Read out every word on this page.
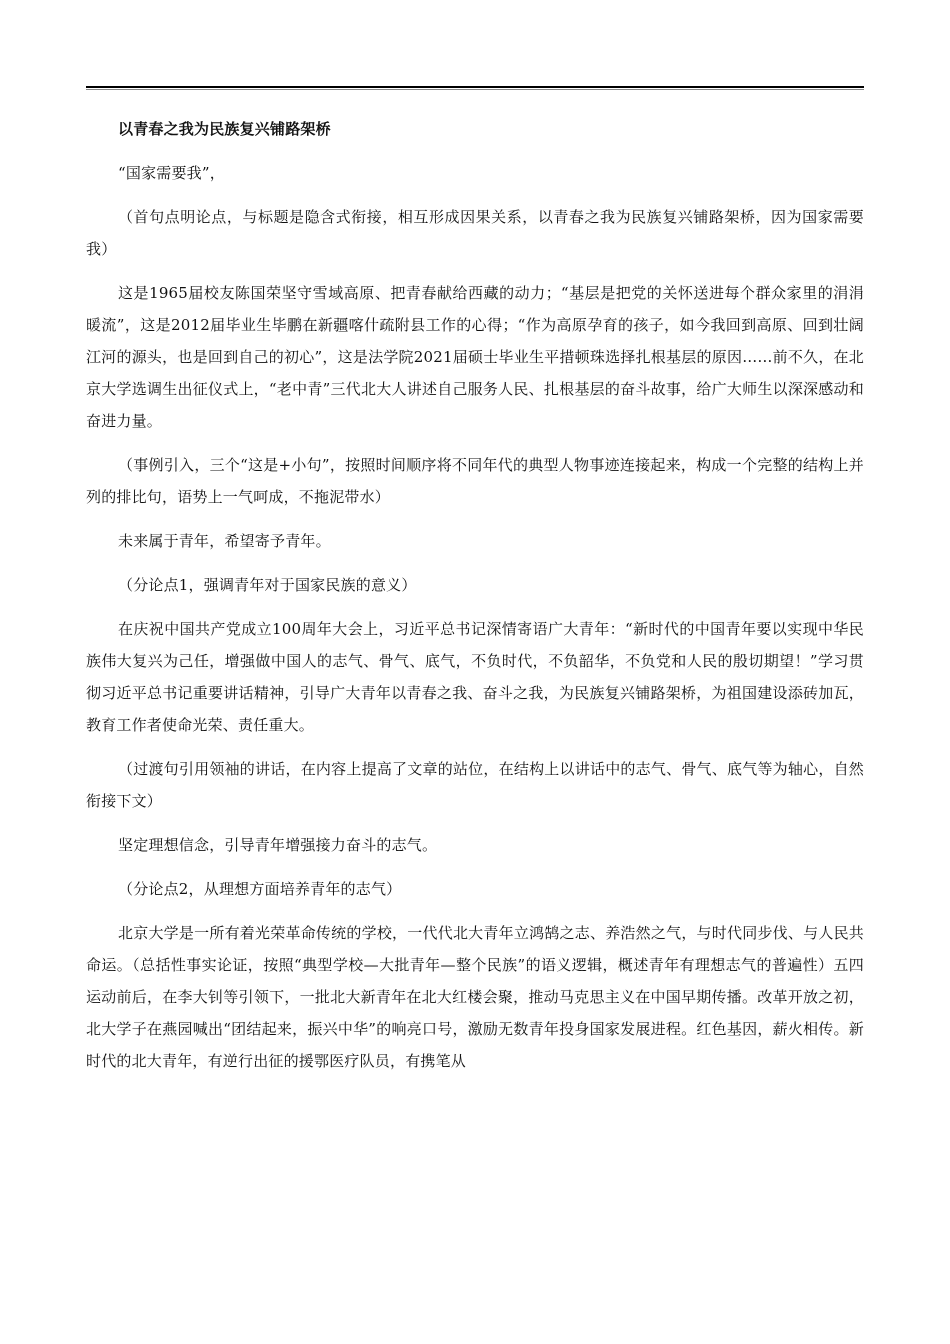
以青春之我为民族复兴铺路架桥

“国家需要我”，

（首句点明论点，与标题是隐含式衔接，相互形成因果关系，以青春之我为民族复兴铺路架桥，因为国家需要我）

这是1965届校友陈国荣坚守雪域高原、把青春献给西藏的动力；“基层是把党的关怀送进每个群众家里的涓涓暖流”，这是2012届毕业生毕鹏在新疆喀什疏附县工作的心得；“作为高原孕育的孩子，如今我回到高原、回到壮阔江河的源头，也是回到自己的初心”，这是法学院2021届硕士毕业生平措顿珠选择扎根基层的原因……前不久，在北京大学选调生出征仪式上，“老中青”三代北大人讲述自己服务人民、扎根基层的奋斗故事，给广大师生以深深感动和奋进力量。

（事例引入，三个“这是+小句”，按照时间顺序将不同年代的典型人物事迹连接起来，构成一个完整的结构上并列的排比句，语势上一气呵成，不拖泥带水）

未来属于青年，希望寄予青年。

（分论点1，强调青年对于国家民族的意义）

在庆祝中国共产党成立100周年大会上，习近平总书记深情寄语广大青年：“新时代的中国青年要以实现中华民族伟大复兴为己任，增强做中国人的志气、骨气、底气，不负时代，不负韶华，不负党和人民的殷切期望！”学习贯彻习近平总书记重要讲话精神，引导广大青年以青春之我、奋斗之我，为民族复兴铺路架桥，为祖国建设添砖加瓦，教育工作者使命光荣、责任重大。

（过渡句引用领袖的讲话，在内容上提高了文章的站位，在结构上以讲话中的志气、骨气、底气等为轴心，自然衔接下文）

坚定理想信念，引导青年增强接力奋斗的志气。

（分论点2，从理想方面培养青年的志气）

北京大学是一所有着光荣革命传统的学校，一代代北大青年立鸿鹄之志、养浩然之气，与时代同步伐、与人民共命运。（总括性事实论证，按照“典型学校—大批青年—整个民族”的语义逻辑，概述青年有理想志气的普遍性）五四运动前后，在李大钊等引领下，一批北大新青年在北大红楼会聚，推动马克思主义在中国早期传播。改革开放之初，北大学子在燕园喊出“团结起来，振兴中华”的响亮口号，激励无数青年投身国家发展进程。红色基因，薪火相传。新时代的北大青年，有逆行出征的援鄂医疗队员，有携笔从
